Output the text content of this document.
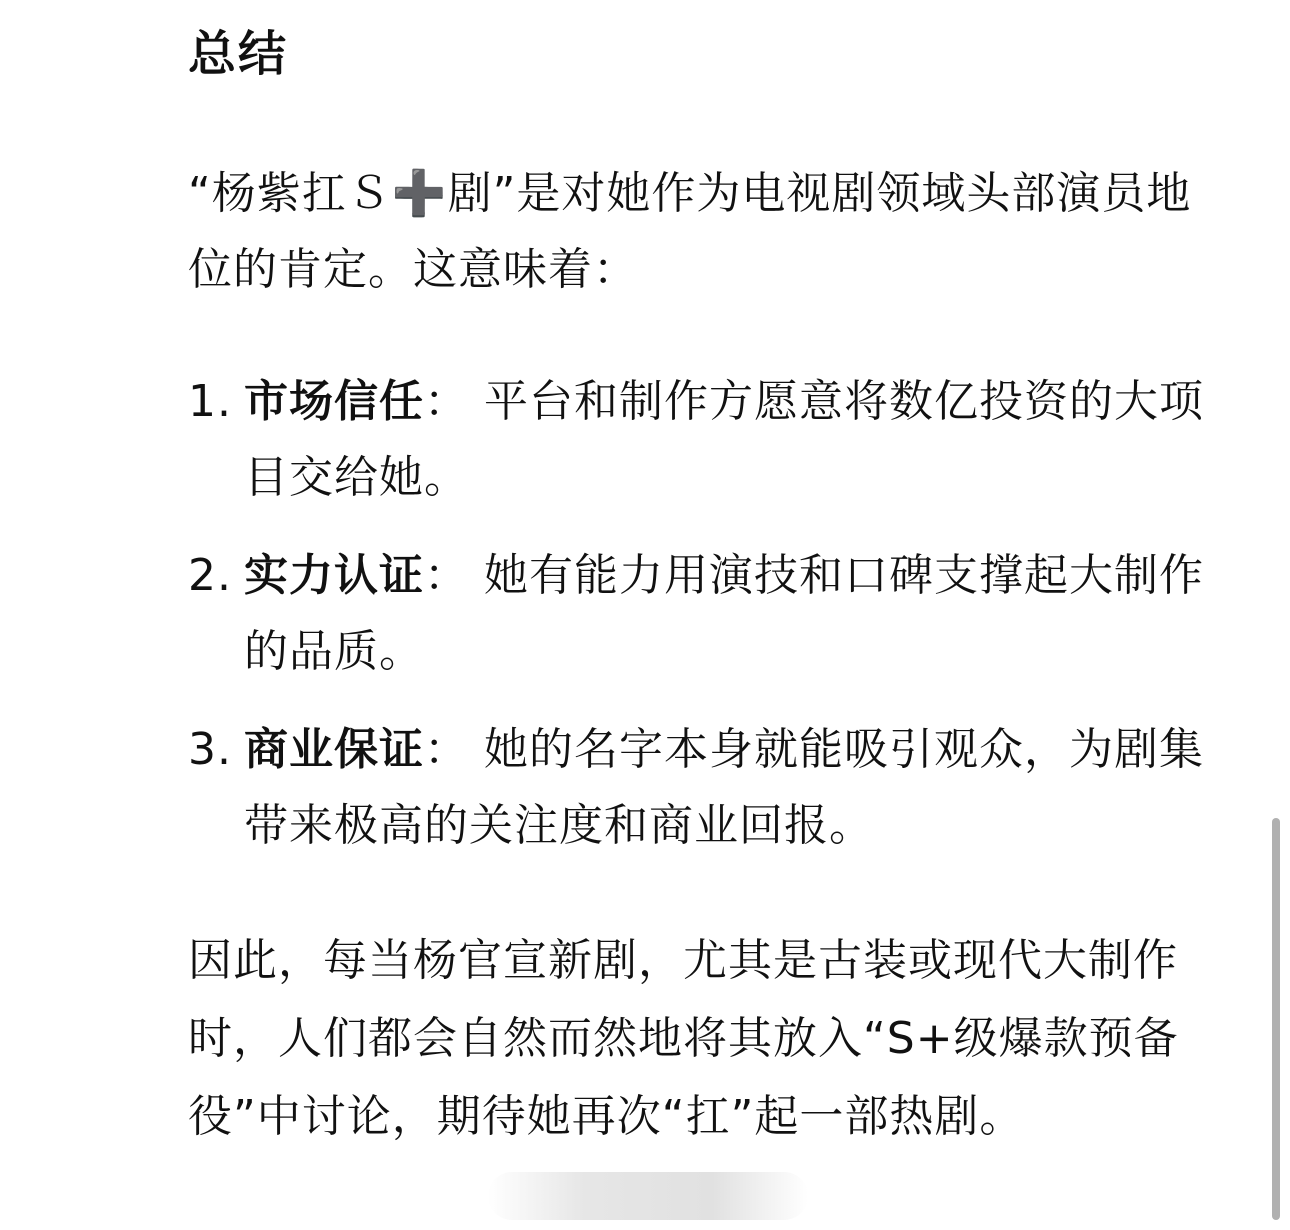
总结
“杨紫扛Ｓ➕剧”是对她作为电视剧领域头部演员地位的肯定。这意味着：
1. 市场信任： 平台和制作方愿意将数亿投资的大项目交给她。
2. 实力认证： 她有能力用演技和口碑支撑起大制作的品质。
3. 商业保证： 她的名字本身就能吸引观众，为剧集带来极高的关注度和商业回报。
因此，每当杨官宣新剧，尤其是古装或现代大制作时，人们都会自然而然地将其放入“S+级爆款预备役”中讨论，期待她再次“扛”起一部热剧。
